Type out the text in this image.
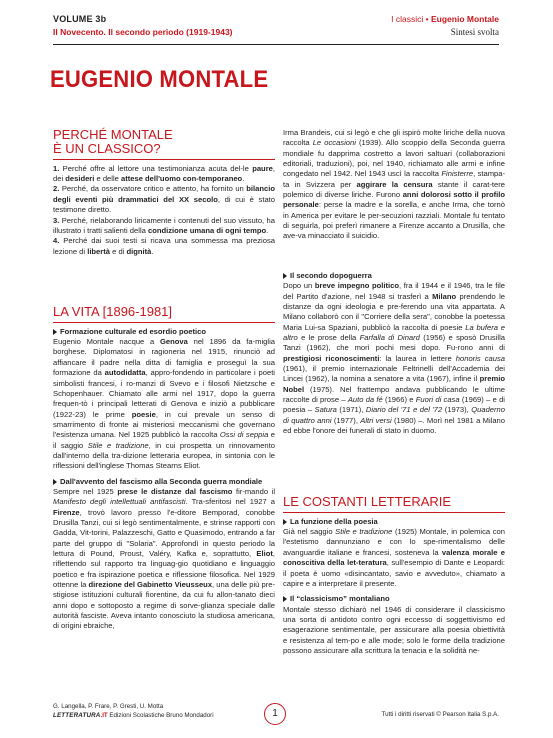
VOLUME 3b
Il Novecento. Il secondo periodo (1919-1943)
I classici • Eugenio Montale
Sintesi svolta
EUGENIO MONTALE
PERCHÉ MONTALE
È UN CLASSICO?

1. Perché offre al lettore una testimonianza acuta del-le paure, dei desideri e delle attese dell'uomo con-temporaneo.

2. Perché, da osservatore critico e attento, ha fornito un bilancio degli eventi più drammatici del XX secolo, di cui è stato testimone diretto.

3. Perché, rielaborando liricamente i contenuti del suo vissuto, ha illustrato i tratti salienti della condizione umana di ogni tempo.

4. Perché dai suoi testi si ricava una sommessa ma preziosa lezione di libertà e di dignità.

LA VITA [1896-1981]
Formazione culturale ed esordio poetico

Eugenio Montale nacque a Genova nel 1896 da fa-miglia borghese. Diplomatosi in ragioneria nel 1915, rinunciò ad affiancare il padre nella ditta di famiglia e proseguì la sua formazione da autodidatta, appro-fondendo in particolare i poeti simbolisti francesi, i ro-manzi di Svevo e i filosofi Nietzsche e Schopenhauer. Chiamato alle armi nel 1917, dopo la guerra frequen-tò i principali letterati di Genova e iniziò a pubblicare (1922-23) le prime poesie, in cui prevale un senso di smarrimento di fronte ai misteriosi meccanismi che governano l'esistenza umana. Nel 1925 pubblicò la raccolta Ossi di seppia e il saggio Stile e tradizione, in cui prospetta un rinnovamento dall'interno della tra-dizione letteraria europea, in sintonia con le riflessioni dell'inglese Thomas Stearns Eliot.

Dall'avvento del fascismo alla Seconda guerra mondiale

Sempre nel 1925 prese le distanze dal fascismo fir-mando il Manifesto degli intellettuali antifascisti. Tra-sferitosi nel 1927 a Firenze, trovò lavoro presso l'e-ditore Bemporad, conobbe Drusilla Tanzi, cui si legò sentimentalmente, e strinse rapporti con Gadda, Vit-torini, Palazzeschi, Gatto e Quasimodo, entrando a far parte del gruppo di "Solaria". Approfondì in questo periodo la lettura di Pound, Proust, Valéry, Kafka e, soprattutto, Eliot, riflettendo sul rapporto tra linguag-gio quotidiano e linguaggio poetico e fra ispirazione poetica e riflessione filosofica. Nel 1929 ottenne la direzione del Gabinetto Vieusseux, una delle più pre-stigiose istituzioni culturali fiorentine, da cui fu allon-tanato dieci anni dopo e sottoposto a regime di sorve-glianza speciale dalle autorità fasciste. Aveva intanto conosciuto la studiosa americana, di origini ebraiche,

Irma Brandeis, cui si legò e che gli ispirò molte liriche della nuova raccolta Le occasioni (1939). Allo scoppio della Seconda guerra mondiale fu dapprima costretto a lavori saltuari (collaborazioni editoriali, traduzioni), poi, nel 1940, richiamato alle armi e infine congedato nel 1942. Nel 1943 uscì la raccolta Finisterre, stampa-ta in Svizzera per aggirare la censura stante il carat-tere polemico di diverse liriche. Furono anni dolorosi sotto il profilo personale: perse la madre e la sorella, e anche Irma, che tornò in America per evitare le per-secuzioni razziali. Montale fu tentato di seguirla, poi preferì rimanere a Firenze accanto a Drusilla, che ave-va minacciato il suicidio.

Il secondo dopoguerra

Dopo un breve impegno politico, fra il 1944 e il 1946, tra le file del Partito d'azione, nel 1948 si trasferì a Milano prendendo le distanze da ogni ideologia e pre-ferendo una vita appartata. A Milano collaborò con il "Corriere della sera", conobbe la poetessa Maria Lui-sa Spaziani, pubblicò la raccolta di poesie La bufera e altro e le prose della Farfalla di Dinard (1956) e sposò Drusilla Tanzi (1962), che morì pochi mesi dopo. Fu-rono anni di prestigiosi riconoscimenti: la laurea in lettere honoris causa (1961), il premio internazionale Feltrinelli dell'Accademia dei Lincei (1962), la nomina a senatore a vita (1967), infine il premio Nobel (1975). Nel frattempo andava pubblicando le ultime raccolte di prose – Auto da fé (1966) e Fuori di casa (1969) – e di poesia – Satura (1971), Diario del '71 e del '72 (1973), Quaderno di quattro anni (1977), Altri versi (1980) –. Morì nel 1981 a Milano ed ebbe l'onore dei funerali di stato in duomo.

LE COSTANTI LETTERARIE
La funzione della poesia

Già nel saggio Stile e tradizione (1925) Montale, in polemica con l'estetismo dannunziano e con lo spe-rimentalismo delle avanguardie italiane e francesi, sosteneva la valenza morale e conoscitiva della let-teratura, sull'esempio di Dante e Leopardi: il poeta è uomo «disincantato, savio e avveduto», chiamato a capire e a interpretare il presente.

Il “classicismo” montaliano

Montale stesso dichiarò nel 1946 di considerare il classicismo una sorta di antidoto contro ogni eccesso di soggettivismo ed esagerazione sentimentale, per assicurare alla poesia obiettività e resistenza al tem-po e alle mode; solo le forme della tradizione possono assicurare alla scrittura la tenacia e la solidità ne-

G. Langella, P. Frare, P. Gresti, U. Motta
LETTERATURA.IT Edizioni Scolastiche Bruno Mondadori	1	Tutti i diritti riservati © Pearson Italia S.p.A.
